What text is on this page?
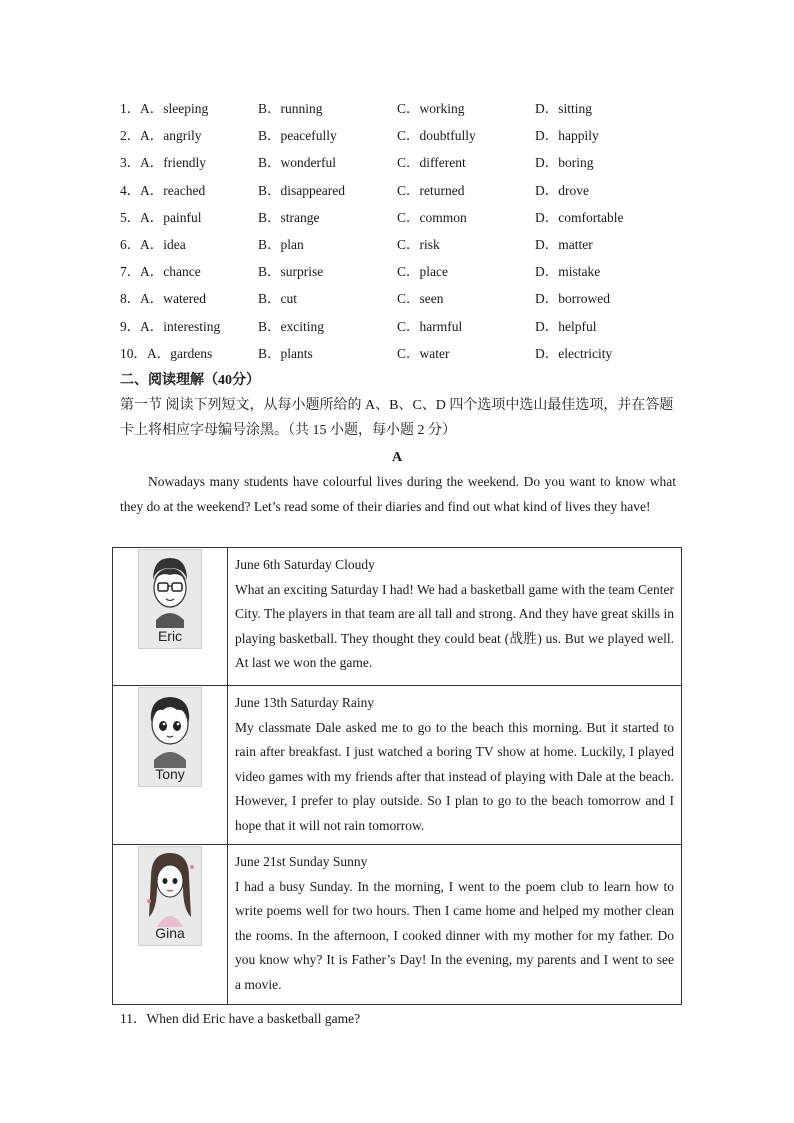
1． A．sleeping	B．running	C．working	D．sitting
2． A．angrily	B．peacefully	C．doubtfully	D．happily
3． A．friendly	B．wonderful	C．different	D．boring
4． A．reached	B．disappeared	C．returned	D．drove
5． A．painful	B．strange	C．common	D．comfortable
6． A．idea	B．plan	C．risk	D．matter
7． A．chance	B．surprise	C．place	D．mistake
8． A．watered	B．cut	C．seen	D．borrowed
9． A．interesting	B．exciting	C．harmful	D．helpful
10． A．gardens	B．plants	C．water	D．electricity
二、阅读理解（40分）
第一节 阅读下列短文，从每小题所给的 A、B、C、D 四个选项中选山最佳选项，并在答题卡上将相应字母编号涂黑。（共 15 小题，每小题 2 分）
A
Nowadays many students have colourful lives during the weekend. Do you want to know what they do at the weekend? Let’s read some of their diaries and find out what kind of lives they have!
Eric	June 6th Saturday Cloudy
What an exciting Saturday I had! We had a basketball game with the team Center City. The players in that team are all tall and strong. And they have great skills in playing basketball. They thought they could beat (战胜) us. But we played well. At last we won the game.

Tony	June 13th Saturday Rainy
My classmate Dale asked me to go to the beach this morning. But it started to rain after breakfast. I just watched a boring TV show at home. Luckily, I played video games with my friends after that instead of playing with Dale at the beach. However, I prefer to play outside. So I plan to go to the beach tomorrow and I hope that it will not rain tomorrow.

Gina	June 21st Sunday Sunny
I had a busy Sunday. In the morning, I went to the poem club to learn how to write poems well for two hours. Then I came home and helped my mother clean the rooms. In the afternoon, I cooked dinner with my mother for my father. Do you know why? It is Father’s Day! In the evening, my parents and I went to see a movie.
11．When did Eric have a basketball game?
